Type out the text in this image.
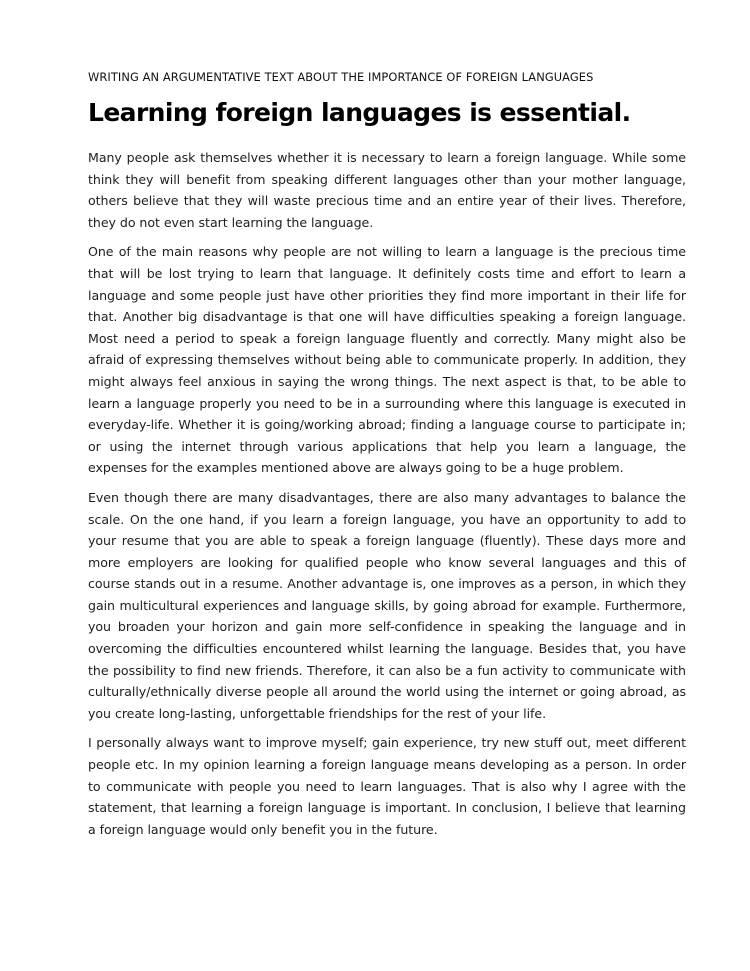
WRITING AN ARGUMENTATIVE TEXT ABOUT THE IMPORTANCE OF FOREIGN LANGUAGES
Learning foreign languages is essential.

Many people ask themselves whether it is necessary to learn a foreign language. While some think they will benefit from speaking different languages other than your mother language, others believe that they will waste precious time and an entire year of their lives. Therefore, they do not even start learning the language.

One of the main reasons why people are not willing to learn a language is the precious time that will be lost trying to learn that language. It definitely costs time and effort to learn a language and some people just have other priorities they find more important in their life for that. Another big disadvantage is that one will have difficulties speaking a foreign language. Most need a period to speak a foreign language fluently and correctly. Many might also be afraid of expressing themselves without being able to communicate properly. In addition, they might always feel anxious in saying the wrong things. The next aspect is that, to be able to learn a language properly you need to be in a surrounding where this language is executed in everyday-life. Whether it is going/working abroad; finding a language course to participate in; or using the internet through various applications that help you learn a language, the expenses for the examples mentioned above are always going to be a huge problem.

Even though there are many disadvantages, there are also many advantages to balance the scale. On the one hand, if you learn a foreign language, you have an opportunity to add to your resume that you are able to speak a foreign language (fluently). These days more and more employers are looking for qualified people who know several languages and this of course stands out in a resume. Another advantage is, one improves as a person, in which they gain multicultural experiences and language skills, by going abroad for example. Furthermore, you broaden your horizon and gain more self-confidence in speaking the language and in overcoming the difficulties encountered whilst learning the language. Besides that, you have the possibility to find new friends. Therefore, it can also be a fun activity to communicate with culturally/ethnically diverse people all around the world using the internet or going abroad, as you create long-lasting, unforgettable friendships for the rest of your life.

I personally always want to improve myself; gain experience, try new stuff out, meet different people etc. In my opinion learning a foreign language means developing as a person. In order to communicate with people you need to learn languages. That is also why I agree with the statement, that learning a foreign language is important. In conclusion, I believe that learning a foreign language would only benefit you in the future.
